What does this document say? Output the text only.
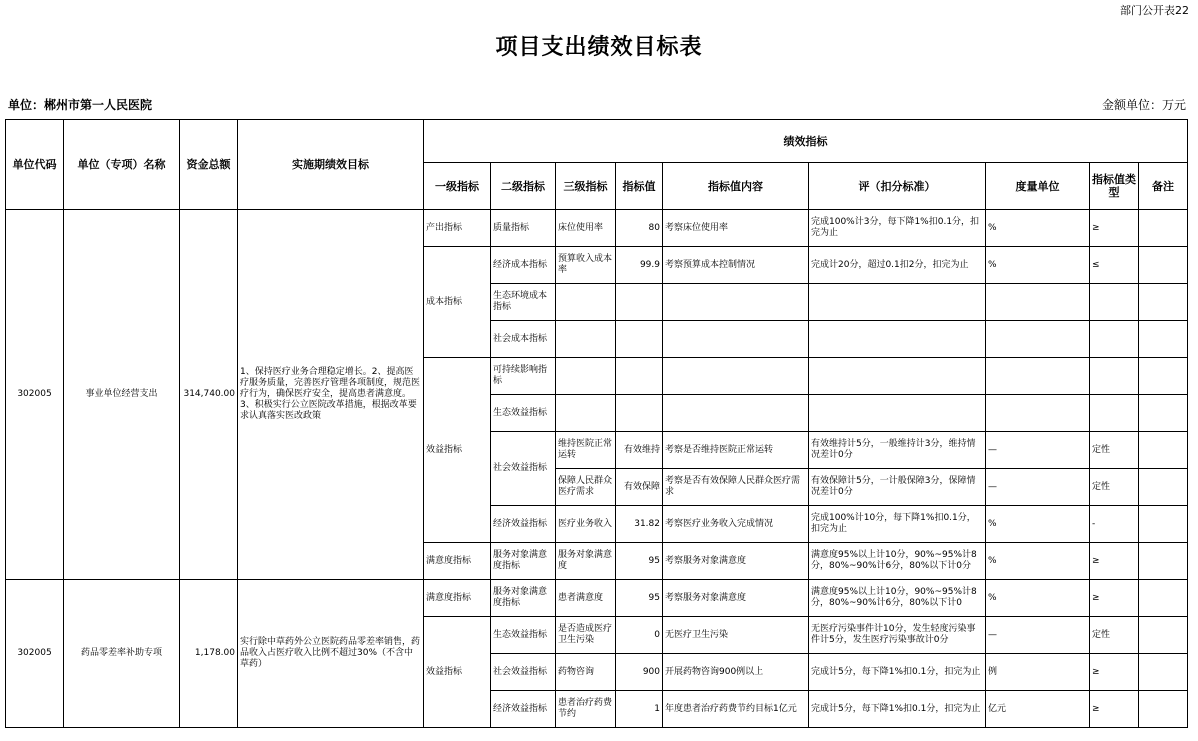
部门公开表22
项目支出绩效目标表
单位：郴州市第一人民医院	金额单位：万元
单位代码	单位（专项）名称	资金总额	实施期绩效目标	绩效指标								
				一级指标	二级指标	三级指标	指标值	指标值内容	评（扣分标准）	度量单位	指标值类型	备注
302005	事业单位经营支出	314,740.00	1、保持医疗业务合理稳定增长。2、提高医疗服务质量，完善医疗管理各项制度，规范医疗行为，确保医疗安全，提高患者满意度。3、积极实行公立医院改革措施，根据改革要求认真落实医改政策	产出指标	质量指标	床位使用率	80	考察床位使用率	完成100%计3分，每下降1%扣0.1分，扣完为止	%	≥	
				成本指标	经济成本指标	预算收入成本率	99.9	考察预算成本控制情况	完成计20分，超过0.1扣2分，扣完为止	%	≤	
					生态环境成本指标							
					社会成本指标							
				效益指标	可持续影响指标							
					生态效益指标							
					社会效益指标	维持医院正常运转	有效维持	考察是否维持医院正常运转	有效维持计5分，一般维持计3分，维持情况差计0分	—	定性	
						保障人民群众医疗需求	有效保障	考察是否有效保障人民群众医疗需求	有效保障计5分，一计般保障3分，保障情况差计0分	—	定性	
					经济效益指标	医疗业务收入	31.82	考察医疗业务收入完成情况	完成100%计10分，每下降1%扣0.1分，扣完为止	%	-	
				满意度指标	服务对象满意度指标	服务对象满意度	95	考察服务对象满意度	满意度95%以上计10分，90%~95%计8分，80%~90%计6分，80%以下计0分	%	≥	
302005	药品零差率补助专项	1,178.00	实行除中草药外公立医院药品零差率销售，药品收入占医疗收入比例不超过30%（不含中草药）	满意度指标	服务对象满意度指标	患者满意度	95	考察服务对象满意度	满意度95%以上计10分，90%~95%计8分，80%~90%计6分，80%以下计0	%	≥	
				效益指标	生态效益指标	是否造成医疗卫生污染	0	无医疗卫生污染	无医疗污染事件计10分，发生轻度污染事件计5分，发生医疗污染事故计0分	—	定性	
					社会效益指标	药物咨询	900	开展药物咨询900例以上	完成计5分，每下降1%扣0.1分，扣完为止	例	≥	
					经济效益指标	患者治疗药费节约	1	年度患者治疗药费节约目标1亿元	完成计5分，每下降1%扣0.1分，扣完为止	亿元	≥	
